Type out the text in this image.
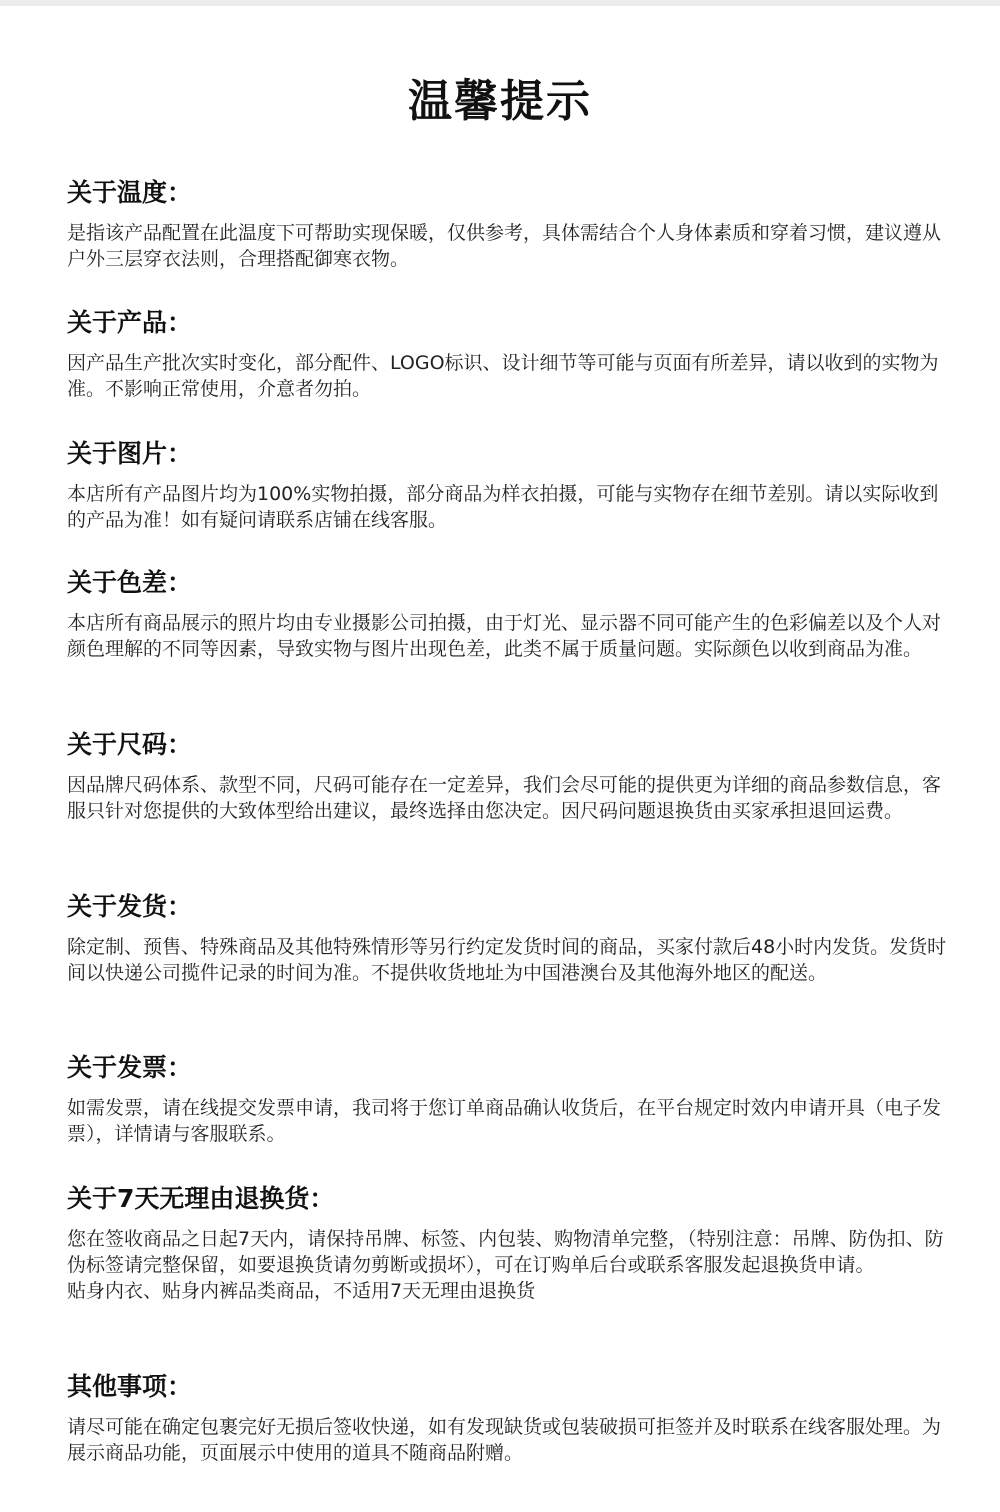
温馨提示
关于温度：

是指该产品配置在此温度下可帮助实现保暖，仅供参考，具体需结合个人身体素质和穿着习惯，建议遵从户外三层穿衣法则，合理搭配御寒衣物。

关于产品：

因产品生产批次实时变化，部分配件、LOGO标识、设计细节等可能与页面有所差异，请以收到的实物为准。不影响正常使用，介意者勿拍。

关于图片：

本店所有产品图片均为100%实物拍摄，部分商品为样衣拍摄，可能与实物存在细节差别。请以实际收到的产品为准！如有疑问请联系店铺在线客服。

关于色差：

本店所有商品展示的照片均由专业摄影公司拍摄，由于灯光、显示器不同可能产生的色彩偏差以及个人对颜色理解的不同等因素，导致实物与图片出现色差，此类不属于质量问题。实际颜色以收到商品为准。

关于尺码：

因品牌尺码体系、款型不同，尺码可能存在一定差异，我们会尽可能的提供更为详细的商品参数信息，客服只针对您提供的大致体型给出建议，最终选择由您决定。因尺码问题退换货由买家承担退回运费。

关于发货：

除定制、预售、特殊商品及其他特殊情形等另行约定发货时间的商品，买家付款后48小时内发货。发货时间以快递公司揽件记录的时间为准。不提供收货地址为中国港澳台及其他海外地区的配送。

关于发票：

如需发票，请在线提交发票申请，我司将于您订单商品确认收货后，在平台规定时效内申请开具（电子发票），详情请与客服联系。

关于7天无理由退换货：

您在签收商品之日起7天内，请保持吊牌、标签、内包装、购物清单完整，（特别注意：吊牌、防伪扣、防伪标签请完整保留，如要退换货请勿剪断或损坏），可在订购单后台或联系客服发起退换货申请。

贴身内衣、贴身内裤品类商品，不适用7天无理由退换货

其他事项：

请尽可能在确定包裹完好无损后签收快递，如有发现缺货或包装破损可拒签并及时联系在线客服处理。为展示商品功能，页面展示中使用的道具不随商品附赠。
